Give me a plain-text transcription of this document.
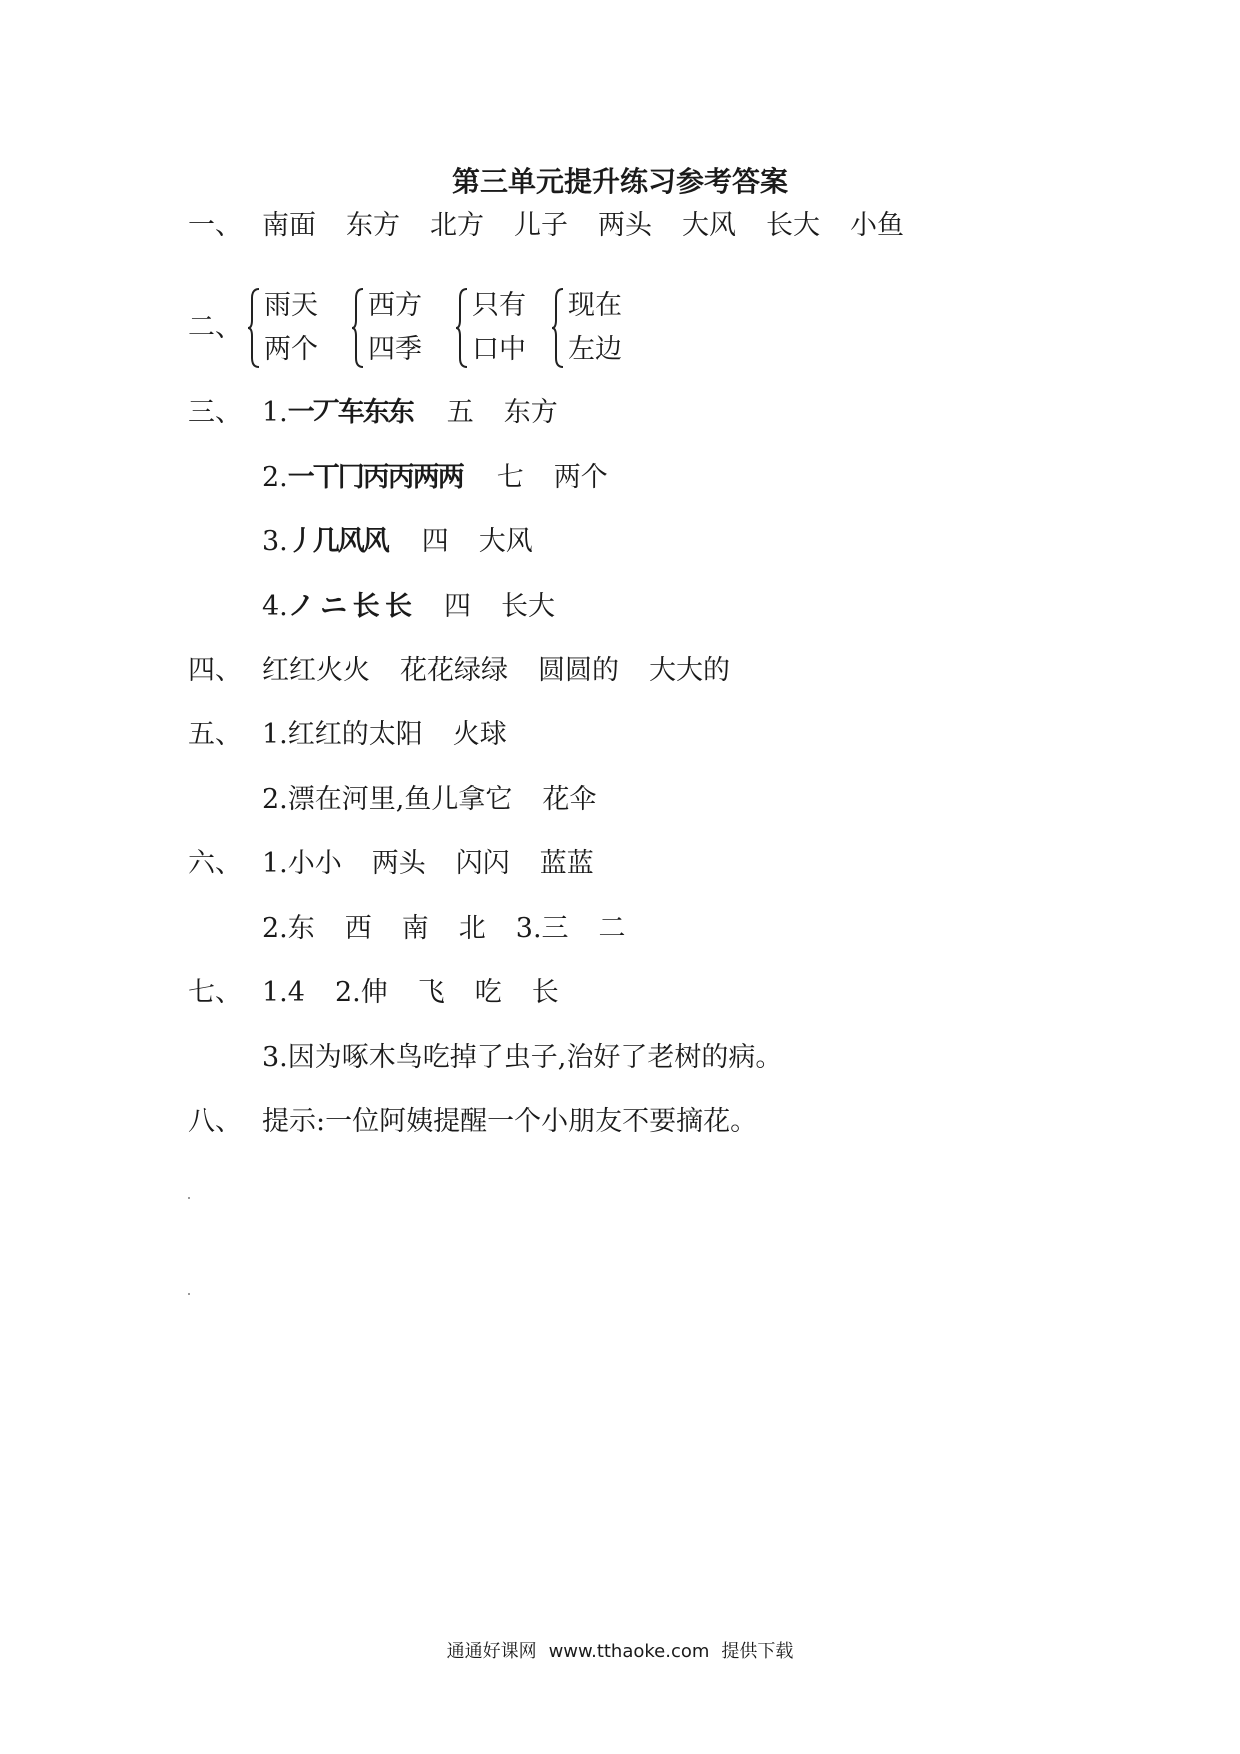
第三单元提升练习参考答案
一、 南面 东方 北方 儿子 两头 大风 长大 小鱼
二、
雨天
两个
西方
四季
只有
口中
现在
左边
三、 1.一丆车东东 五 东方
2.一丅冂丙丙两两 七 两个
3.丿几风风 四 大风
4.ノ ニ 长 长 四 长大
四、 红红火火 花花绿绿 圆圆的 大大的
五、 1.红红的太阳 火球
2.漂在河里,鱼儿拿它 花伞
六、 1.小小 两头 闪闪 蓝蓝
2.东 西 南 北 3.三 二
七、 1.4 2.伸 飞 吃 长
3.因为啄木鸟吃掉了虫子,治好了老树的病。
八、 提示:一位阿姨提醒一个小朋友不要摘花。
通通好课网 www.tthaoke.com 提供下载
